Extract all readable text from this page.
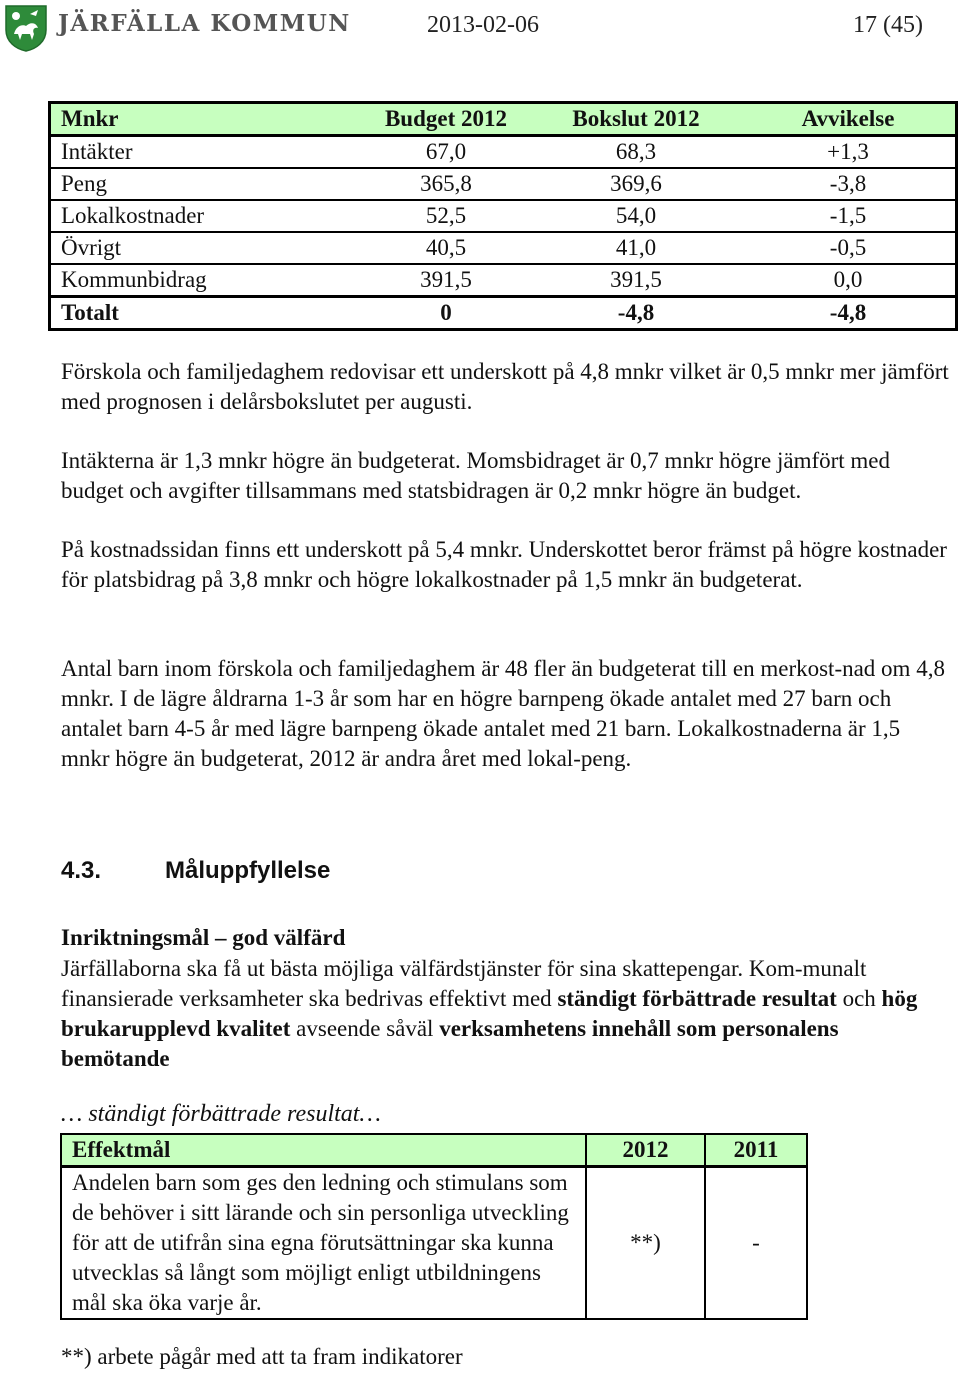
JÄRFÄLLA KOMMUN	2013-02-06	17 (45)
Mnkr	Budget 2012	Bokslut 2012	Avvikelse
Intäkter	67,0	68,3	+1,3
Peng	365,8	369,6	-3,8
Lokalkostnader	52,5	54,0	-1,5
Övrigt	40,5	41,0	-0,5
Kommunbidrag	391,5	391,5	0,0
Totalt	0	-4,8	-4,8

Förskola och familjedaghem redovisar ett underskott på 4,8 mnkr vilket är 0,5 mnkr mer jämfört med prognosen i delårsbokslutet per augusti.

Intäkterna är 1,3 mnkr högre än budgeterat. Momsbidraget är 0,7 mnkr högre jämfört med budget och avgifter tillsammans med statsbidragen är 0,2 mnkr högre än budget.

På kostnadssidan finns ett underskott på 5,4 mnkr. Underskottet beror främst på högre kostnader för platsbidrag på 3,8 mnkr och högre lokalkostnader på 1,5 mnkr än budgeterat.

Antal barn inom förskola och familjedaghem är 48 fler än budgeterat till en merkost-nad om 4,8 mnkr. I de lägre åldrarna 1-3 år som har en högre barnpeng ökade antalet med 27 barn och antalet barn 4-5 år med lägre barnpeng ökade antalet med 21 barn. Lokalkostnaderna är 1,5 mnkr högre än budgeterat, 2012 är andra året med lokal-peng.

4.3.	Måluppfyllelse
Inriktningsmål – god välfärd

Järfällaborna ska få ut bästa möjliga välfärdstjänster för sina skattepengar. Kom-munalt finansierade verksamheter ska bedrivas effektivt med ständigt förbättrade resultat och hög brukarupplevd kvalitet avseende såväl verksamhetens innehåll som personalens bemötande

… ständigt förbättrade resultat…
Effektmål	2012	2011
Andelen barn som ges den ledning och stimulans som de behöver i sitt lärande och sin personliga utveckling för att de utifrån sina egna förutsättningar ska kunna utvecklas så långt som möjligt enligt utbildningens mål ska öka varje år.	**)	-
**) arbete pågår med att ta fram indikatorer
